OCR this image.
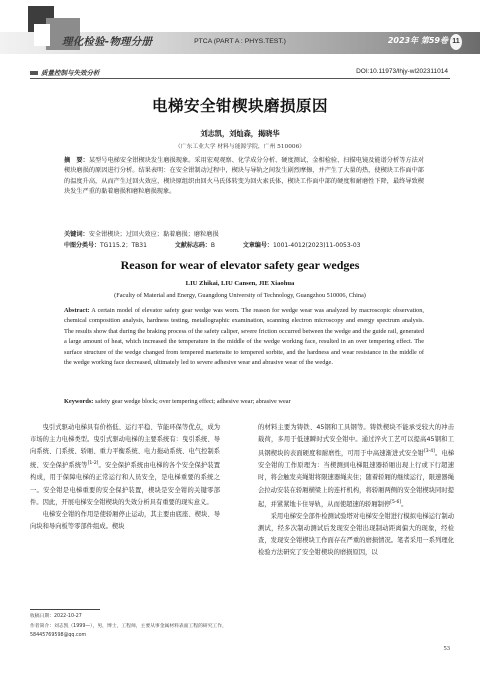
理化检验-物理分册	PTCA (PART A : PHYS.TEST.)	2023年 第59卷 11
质量控制与失效分析	DOI:10.11973/lhjy-wl202311014
电梯安全钳楔块磨损原因
刘志凯，刘灿森，揭晓华
（广东工业大学 材料与能源学院，广州 510006）
摘　要：某型号电梯安全钳楔块发生磨损现象。采用宏观观察、化学成分分析、硬度测试、金相检验、扫描电镜及能谱分析等方法对楔块磨损的原因进行分析。结果表明：在安全钳制动过程中，楔块与导轨之间发生剧烈摩擦，并产生了大量的热，使楔块工作面中部的温度升高，从而产生过回火效应，楔块原组织由回火马氏体转变为回火索氏体，楔块工作面中部的硬度和耐磨性下降，最终导致楔块发生严重的黏着磨损和磨粒磨损现象。
关键词：安全钳楔块；过回火效应；黏着磨损；磨粒磨损
中图分类号：TG115.2；TB31	文献标志码：B	文章编号：1001-4012(2023)11-0053-03
Reason for wear of elevator safety gear wedges
LIU Zhikai, LIU Cansen, JIE Xiaohua
(Faculty of Material and Energy, Guangdong University of Technology, Guangzhou 510006, China)
Abstract: A certain model of elevator safety gear wedge was worn. The reason for wedge wear was analyzed by macroscopic observation, chemical composition analysis, hardness testing, metallographic examination, scanning electron microscopy and energy spectrum analysis. The results show that during the braking process of the safety caliper, severe friction occurred between the wedge and the guide rail, generated a large amount of heat, which increased the temperature in the middle of the wedge working face, resulted in an over tempering effect. The surface structure of the wedge changed from tempered martensite to tempered sorbite, and the hardness and wear resistance in the middle of the wedge working face decreased, ultimately led to severe adhesive wear and abrasive wear of the wedge.
Keywords: safety gear wedge block; over tempering effect; adhesive wear; abrasive wear

曳引式驱动电梯具有价格低、运行平稳、节能环保等优点，成为市场的主力电梯类型。曳引式驱动电梯的主要系统有：曳引系统、导向系统、门系统、轿厢、重力平衡系统、电力拖动系统、电气控制系统、安全保护系统等[1-2]。安全保护系统由电梯的各个安全保护装置构成，用于保障电梯的正常运行和人员安全，是电梯重要的系统之一。安全钳是电梯重要的安全保护装置，楔块是安全钳的关键零部件。因此，开展电梯安全钳楔块的失效分析具有重要的现实意义。

电梯安全钳的作用是使轿厢停止运动，其主要由底座、楔块、导向块和导向板等零部件组成。楔块

的材料主要为铸铁、45钢和工具钢等。铸铁楔块不能承受较大的冲击载荷，多用于低速瞬时式安全钳中。通过淬火工艺可以提高45钢和工具钢楔块的表面硬度和耐磨性，可用于中高速渐进式安全钳[3-4]。电梯安全钳的工作原理为：当楔测到电梯阻速器轿厢出现上行或下行超速时，将会触发夹绳钳将限速器绳夹住；随着轿厢的继续运行，限速器绳会拉动安装在轿厢横梁上的连杆机构，将轿厢两侧的安全钳楔块同时提起，并紧紧地卡住导轨，从而使超速的轿厢制停[5-6]。

采用电梯安全部件检测试验塔对电梯安全钳进行模拟电梯运行制动测试，经多次制动测试后发现安全钳出现制动距离偏大的现象，经检查，发现安全钳楔块工作面存在严重的磨损情况。笔者采用一系列理化检验方法研究了安全钳楔块的磨损原因，以

收稿日期：2022-10-27
作者简介：刘志凯（1999—），男，博士，工程师，主要从事金属材料表面工程的研究工作，58445769598@qq.com
53
